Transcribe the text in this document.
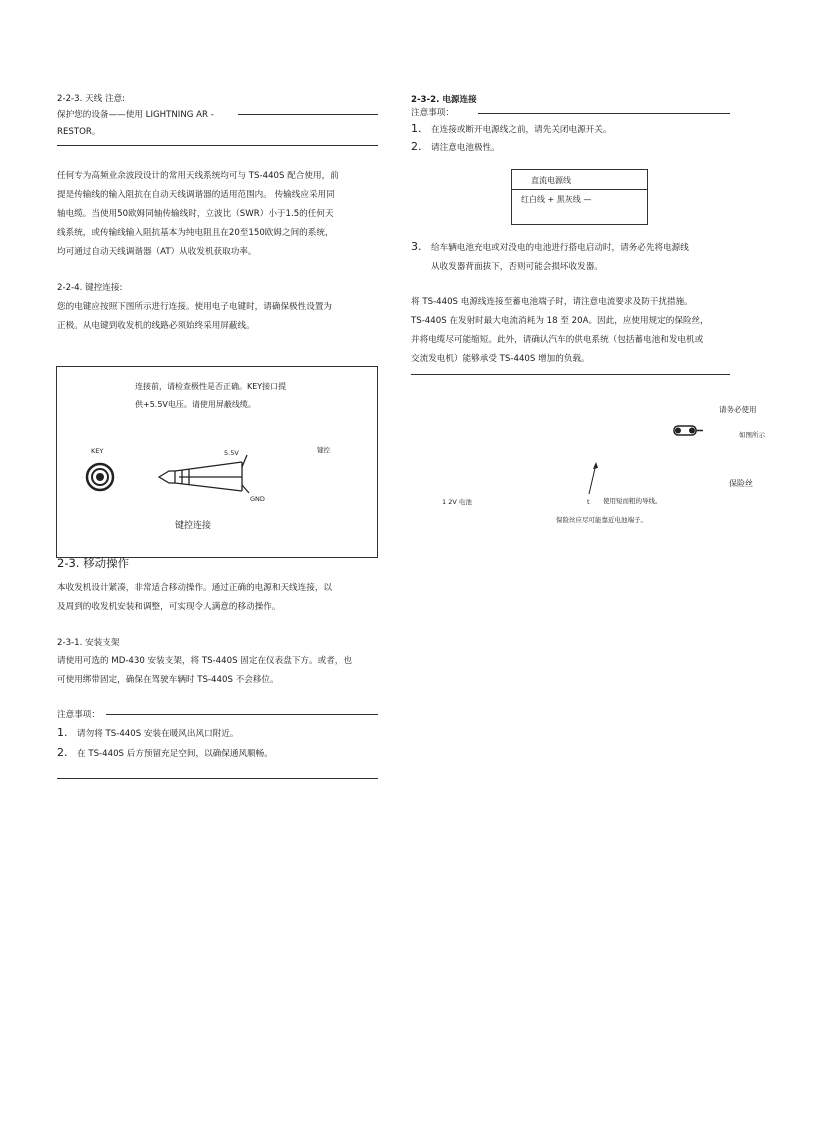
2-2-3. 天线 注意:
保护您的设备——使用 LIGHTNING AR -
RESTOR。
任何专为高频业余波段设计的常用天线系统均可与 TS-440S 配合使用，前
提是传输线的输入阻抗在自动天线调谐器的适用范围内。 传输线应采用同
轴电缆。当使用50欧姆同轴传输线时，立波比（SWR）小于1.5的任何天
线系统，或传输线输入阻抗基本为纯电阻且在20至150欧姆之间的系统，
均可通过自动天线调谐器（AT）从收发机获取功率。
2-2-4. 键控连接:
您的电键应按照下图所示进行连接。使用电子电键时，请确保极性设置为
正极。从电键到收发机的线路必须始终采用屏蔽线。
连接前，请检查极性是否正确。KEY接口提
供+5.5V电压。请使用屏蔽线缆。
KEY	5.5V
GND
键控
键控连接
2-3. 移动操作
本收发机设计紧凑，非常适合移动操作。通过正确的电源和天线连接，以
及周到的收发机安装和调整，可实现令人满意的移动操作。
2-3-1. 安装支架
请使用可选的 MD-430 安装支架，将 TS-440S 固定在仪表盘下方。或者，也
可使用绑带固定，确保在驾驶车辆时 TS-440S 不会移位。
注意事项：
1. 请勿将 TS-440S 安装在暖风出风口附近。
2. 在 TS-440S 后方预留充足空间，以确保通风顺畅。
2-3-2. 电源连接
注意事项：
1. 在连接或断开电源线之前，请先关闭电源开关。
2. 请注意电池极性。
直流电源线
红白线 + 黑灰线 —
3. 给车辆电池充电或对没电的电池进行搭电启动时，请务必先将电源线
从收发器背面拔下，否则可能会损坏收发器。
将 TS-440S 电源线连接至蓄电池端子时，请注意电流要求及防干扰措施。
TS-440S 在发射时最大电流消耗为 18 至 20A。因此，应使用规定的保险丝，
并将电缆尽可能缩短。此外，请确认汽车的供电系统（包括蓄电池和发电机或
交流发电机）能够承受 TS-440S 增加的负载。
请务必使用
如图所示
保险丝
1 2V 电池	t 使用短而粗的导线。
保险丝应尽可能靠近电池端子。
